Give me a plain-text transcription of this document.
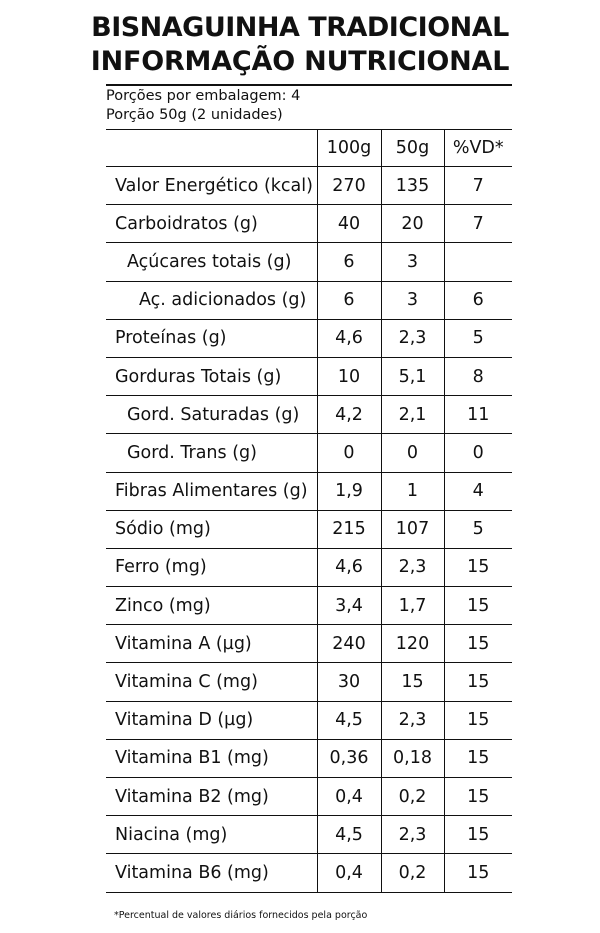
BISNAGUINHA TRADICIONAL
INFORMAÇÃO NUTRICIONAL
Porções por embalagem: 4
Porção 50g (2 unidades)
	100g	50g	%VD*
Valor Energético (kcal)	270	135	7
Carboidratos (g)	40	20	7
Açúcares totais (g)	6	3	
Aç. adicionados (g)	6	3	6
Proteínas (g)	4,6	2,3	5
Gorduras Totais (g)	10	5,1	8
Gord. Saturadas (g)	4,2	2,1	11
Gord. Trans (g)	0	0	0
Fibras Alimentares (g)	1,9	1	4
Sódio (mg)	215	107	5
Ferro (mg)	4,6	2,3	15
Zinco (mg)	3,4	1,7	15
Vitamina A (µg)	240	120	15
Vitamina C (mg)	30	15	15
Vitamina D (µg)	4,5	2,3	15
Vitamina B1 (mg)	0,36	0,18	15
Vitamina B2 (mg)	0,4	0,2	15
Niacina (mg)	4,5	2,3	15
Vitamina B6 (mg)	0,4	0,2	15
*Percentual de valores diários fornecidos pela porção
